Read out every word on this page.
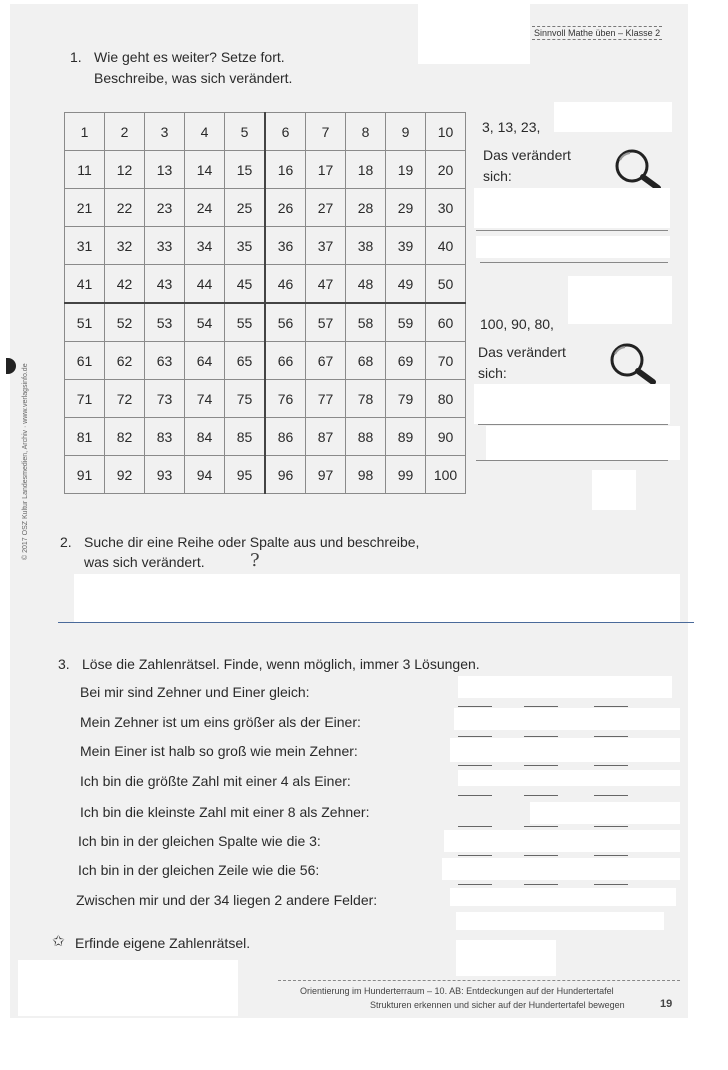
Sinnvoll Mathe üben – Klasse 2
1. Wie geht es weiter? Setze fort.
Beschreibe, was sich verändert.
1	2	3	4	5	6	7	8	9	10
11	12	13	14	15	16	17	18	19	20
21	22	23	24	25	26	27	28	29	30
31	32	33	34	35	36	37	38	39	40
41	42	43	44	45	46	47	48	49	50
51	52	53	54	55	56	57	58	59	60
61	62	63	64	65	66	67	68	69	70
71	72	73	74	75	76	77	78	79	80
81	82	83	84	85	86	87	88	89	90
91	92	93	94	95	96	97	98	99	100
3, 13, 23,
Das verändert
sich:
100, 90, 80,
Das verändert
sich:
2. Suche dir eine Reihe oder Spalte aus und beschreibe,
was sich verändert.	?
3. Löse die Zahlenrätsel. Finde, wenn möglich, immer 3 Lösungen.
Bei mir sind Zehner und Einer gleich:
Mein Zehner ist um eins größer als der Einer:
Mein Einer ist halb so groß wie mein Zehner:
Ich bin die größte Zahl mit einer 4 als Einer:
Ich bin die kleinste Zahl mit einer 8 als Zehner:
Ich bin in der gleichen Spalte wie die 3:
Ich bin in der gleichen Zeile wie die 56:
Zwischen mir und der 34 liegen 2 andere Felder:
✩ Erfinde eigene Zahlenrätsel.
Orientierung im Hunderterraum – 10. AB: Entdeckungen auf der Hundertertafel
Strukturen erkennen und sicher auf der Hundertertafel bewegen	19
© 2017 OSZ Kultur Landesmedien, Archiv · www.verlagsinfo.de
